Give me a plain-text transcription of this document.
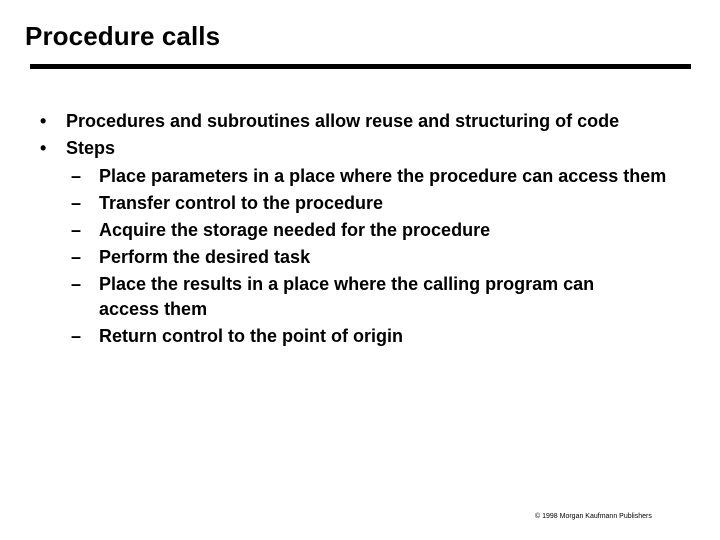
Procedure calls
•	Procedures and subroutines allow reuse and structuring of code
•	Steps
– Place parameters in a place where the procedure can access them
– Transfer control to the procedure
– Acquire the storage needed for the procedure
– Perform the desired task
– Place the results in a place where the calling program can access them
– Return control to the point of origin
© 1998 Morgan Kaufmann Publishers
